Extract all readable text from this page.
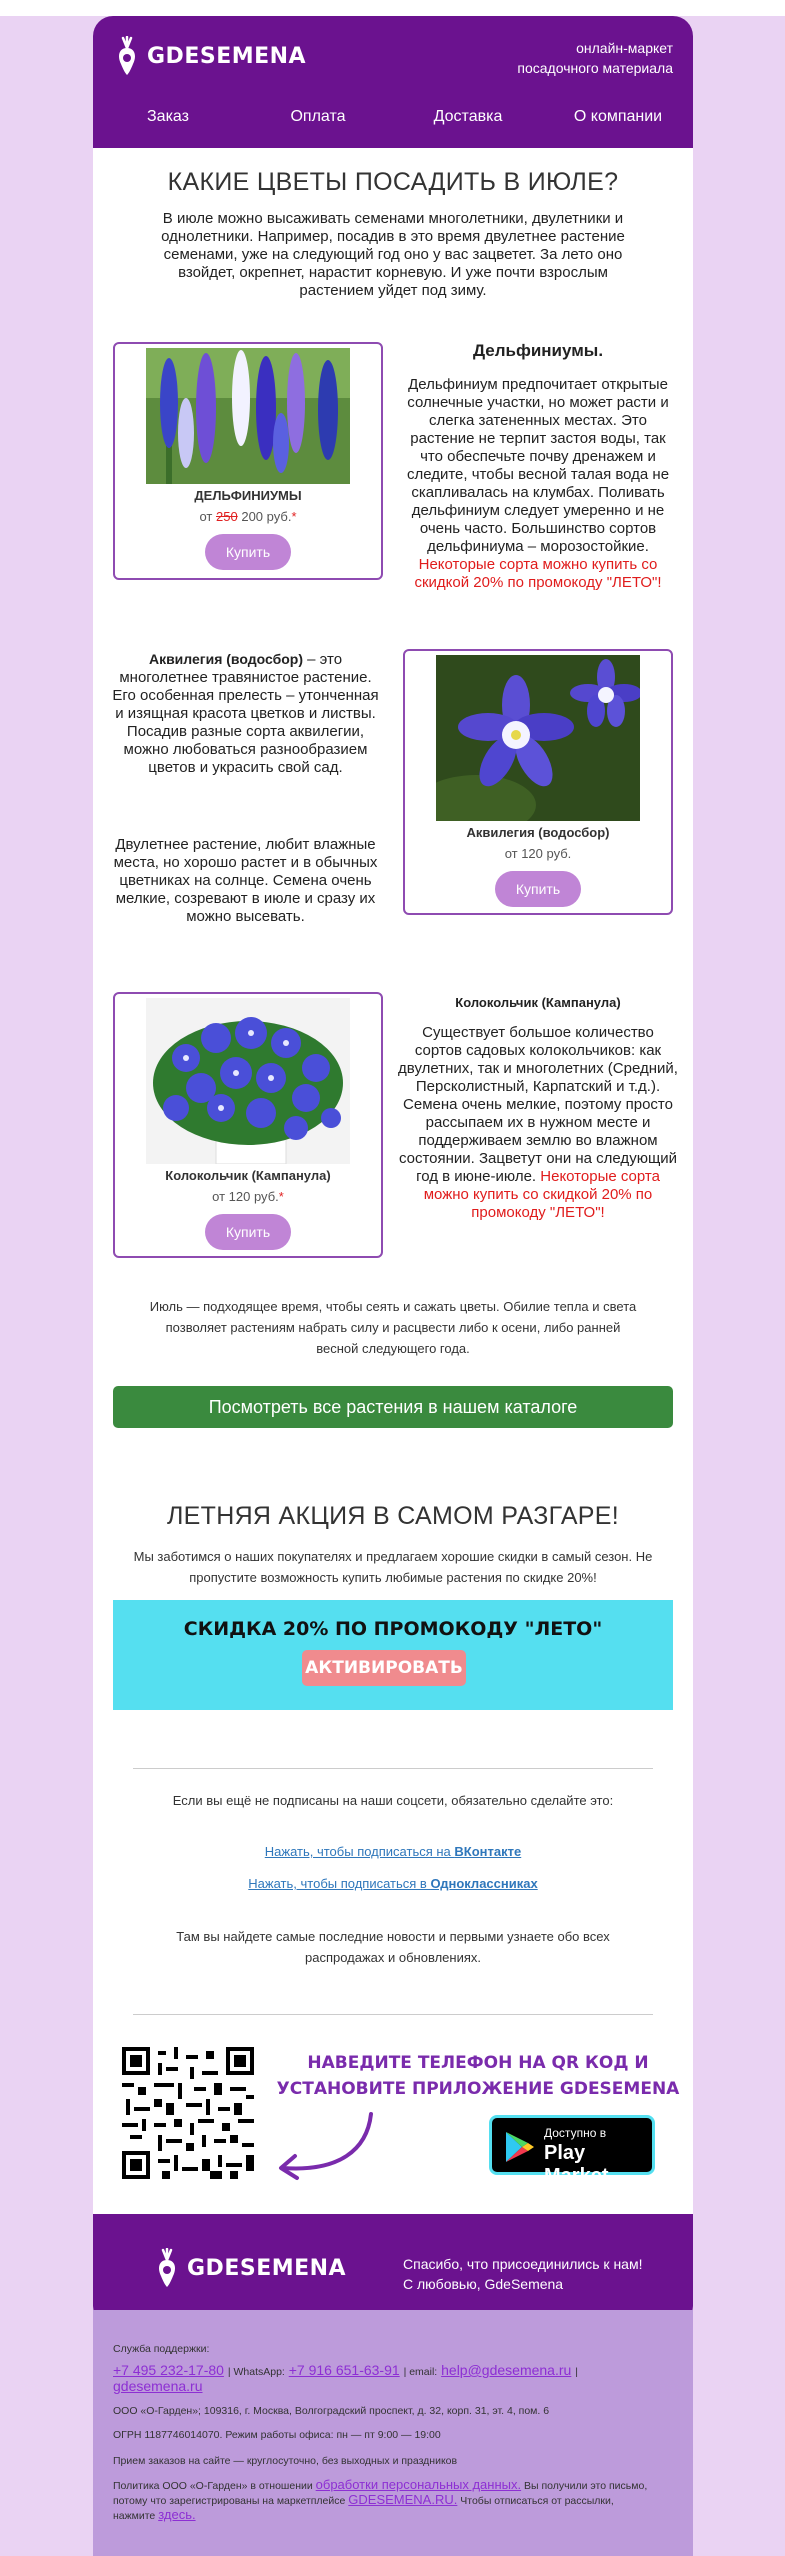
GDESEMENA	онлайн-маркет
посадочного материала
Заказ	Оплата	Доставка	О компании
КАКИЕ ЦВЕТЫ ПОСАДИТЬ В ИЮЛЕ?
В июле можно высаживать семенами многолетники, двулетники и однолетники. Например, посадив в это время двулетнее растение семенами, уже на следующий год оно у вас зацветет. За лето оно взойдет, окрепнет, нарастит корневую. И уже почти взрослым растением уйдет под зиму.
ДЕЛЬФИНИУМЫ
от 250 200 руб.*
Купить
Дельфиниумы.
Дельфиниум предпочитает открытые солнечные участки, но может расти и слегка затененных местах. Это растение не терпит застоя воды, так что обеспечьте почву дренажем и следите, чтобы весной талая вода не скапливалась на клумбах. Поливать дельфиниум следует умеренно и не очень часто. Большинство сортов дельфиниума – морозостойкие. Некоторые сорта можно купить со скидкой 20% по промокоду "ЛЕТО"!
Аквилегия (водосбор) – это многолетнее травянистое растение. Его особенная прелесть – утонченная и изящная красота цветков и листвы. Посадив разные сорта аквилегии, можно любоваться разнообразием цветов и украсить свой сад.
Двулетнее растение, любит влажные места, но хорошо растет и в обычных цветниках на солнце. Семена очень мелкие, созревают в июле и сразу их можно высевать.
Аквилегия (водосбор)
от 120 руб.
Купить
Колокольчик (Кампанула)
от 120 руб.*
Купить
Колокольчик (Кампанула)
Существует большое количество сортов садовых колокольчиков: как двулетних, так и многолетних (Средний, Персколистный, Карпатский и т.д.). Семена очень мелкие, поэтому просто рассыпаем их в нужном месте и поддерживаем землю во влажном состоянии. Зацветут они на следующий год в июне-июле. Некоторые сорта можно купить со скидкой 20% по промокоду "ЛЕТО"!
Июль — подходящее время, чтобы сеять и сажать цветы. Обилие тепла и света позволяет растениям набрать силу и расцвести либо к осени, либо ранней весной следующего года.
Посмотреть все растения в нашем каталоге
ЛЕТНЯЯ АКЦИЯ В САМОМ РАЗГАРЕ!
Мы заботимся о наших покупателях и предлагаем хорошие скидки в самый сезон. Не пропустите возможность купить любимые растения по скидке 20%!
СКИДКА 20% ПО ПРОМОКОДУ "ЛЕТО"
АКТИВИРОВАТЬ
Если вы ещё не подписаны на наши соцсети, обязательно сделайте это:
Нажать, чтобы подписаться на ВКонтакте
Нажать, чтобы подписаться в Одноклассниках
Там вы найдете самые последние новости и первыми узнаете обо всех распродажах и обновлениях.
НАВЕДИТЕ ТЕЛЕФОН НА QR КОД И УСТАНОВИТЕ ПРИЛОЖЕНИЕ GDESEMENA
Доступно в
Play Market
GDESEMENA	Спасибо, что присоединились к нам!
С любовью, GdeSemena
Служба поддержки:
+7 495 232-17-80 | WhatsApp: +7 916 651-63-91 | email: help@gdesemena.ru |
gdesemena.ru
ООО «О-Гарден»; 109316, г. Москва, Волгоградский проспект, д. 32, корп. 31, эт. 4, пом. 6
ОГРН 1187746014070. Режим работы офиса: пн — пт 9:00 — 19:00
Прием заказов на сайте — круглосуточно, без выходных и праздников
Политика ООО «О-Гарден» в отношении обработки персональных данных. Вы получили это письмо, потому что зарегистрированы на маркетплейсе GDESEMENA.RU. Чтобы отписаться от рассылки, нажмите здесь.
